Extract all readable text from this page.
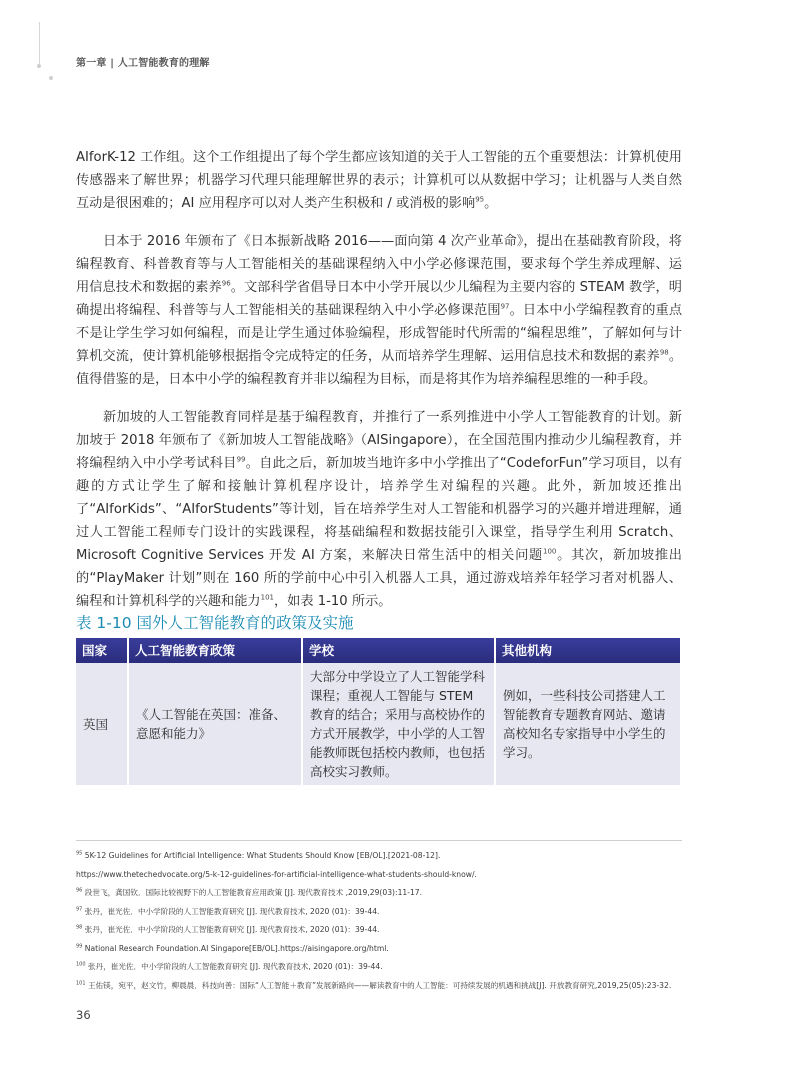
第一章 | 人工智能教育的理解

AIforK-12 工作组。这个工作组提出了每个学生都应该知道的关于人工智能的五个重要想法：计算机使用传感器来了解世界；机器学习代理只能理解世界的表示；计算机可以从数据中学习；让机器与人类自然互动是很困难的；AI 应用程序可以对人类产生积极和 / 或消极的影响$^{95}$。

日本于 2016 年颁布了《日本振新战略 2016——面向第 4 次产业革命》，提出在基础教育阶段，将编程教育、科普教育等与人工智能相关的基础课程纳入中小学必修课范围，要求每个学生养成理解、运用信息技术和数据的素养$^{96}$。文部科学省倡导日本中小学开展以少儿编程为主要内容的 STEAM 教学，明确提出将编程、科普等与人工智能相关的基础课程纳入中小学必修课范围$^{97}$。日本中小学编程教育的重点不是让学生学习如何编程，而是让学生通过体验编程，形成智能时代所需的“编程思维”，了解如何与计算机交流，使计算机能够根据指令完成特定的任务，从而培养学生理解、运用信息技术和数据的素养$^{98}$。值得借鉴的是，日本中小学的编程教育并非以编程为目标，而是将其作为培养编程思维的一种手段。

新加坡的人工智能教育同样是基于编程教育，并推行了一系列推进中小学人工智能教育的计划。新加坡于 2018 年颁布了《新加坡人工智能战略》（AISingapore），在全国范围内推动少儿编程教育，并将编程纳入中小学考试科目$^{99}$。自此之后，新加坡当地许多中小学推出了“CodeforFun”学习项目，以有趣的方式让学生了解和接触计算机程序设计，培养学生对编程的兴趣。此外，新加坡还推出了“AIforKids”、“AIforStudents”等计划，旨在培养学生对人工智能和机器学习的兴趣并增进理解，通过人工智能工程师专门设计的实践课程，将基础编程和数据技能引入课堂，指导学生利用 Scratch、Microsoft Cognitive Services 开发 AI 方案，来解决日常生活中的相关问题$^{100}$。其次，新加坡推出的“PlayMaker 计划”则在 160 所的学前中心中引入机器人工具，通过游戏培养年轻学习者对机器人、编程和计算机科学的兴趣和能力$^{101}$，如表 1-10 所示。

表 1-10 国外人工智能教育的政策及实施
国家	人工智能教育政策	学校	其他机构
英国	《人工智能在英国：准备、意愿和能力》	大部分中学设立了人工智能学科课程；重视人工智能与 STEM 教育的结合；采用与高校协作的方式开展教学，中小学的人工智能教师既包括校内教师，也包括高校实习教师。	例如，一些科技公司搭建人工智能教育专题教育网站、邀请高校知名专家指导中小学生的学习。
$^{95}$ 5K-12 Guidelines for Artificial Intelligence: What Students Should Know [EB/OL].[2021-08-12].
https://www.thetechedvocate.org/5-k-12-guidelines-for-artificial-intelligence-what-students-should-know/.
$^{96}$ 段世飞，龚国钦．国际比较视野下的人工智能教育应用政策 [J]. 现代教育技术 ,2019,29(03):11-17.
$^{97}$ 张丹，崔光佐．中小学阶段的人工智能教育研究 [J]. 现代教育技术, 2020 (01)：39-44.
$^{98}$ 张丹，崔光佐．中小学阶段的人工智能教育研究 [J]. 现代教育技术, 2020 (01)：39-44.
$^{99}$ National Research Foundation.AI Singapore[EB/OL].https://aisingapore.org/html.
$^{100}$ 张丹，崔光佐．中小学阶段的人工智能教育研究 [J]. 现代教育技术, 2020 (01)：39-44.
$^{101}$ 王佑镁，宛平，赵文竹，柳晨晨．科技向善：国际“人工智能＋教育”发展新路向——解读教育中的人工智能：可持续发展的机遇和挑战[J]. 开放教育研究,2019,25(05):23-32.
36
